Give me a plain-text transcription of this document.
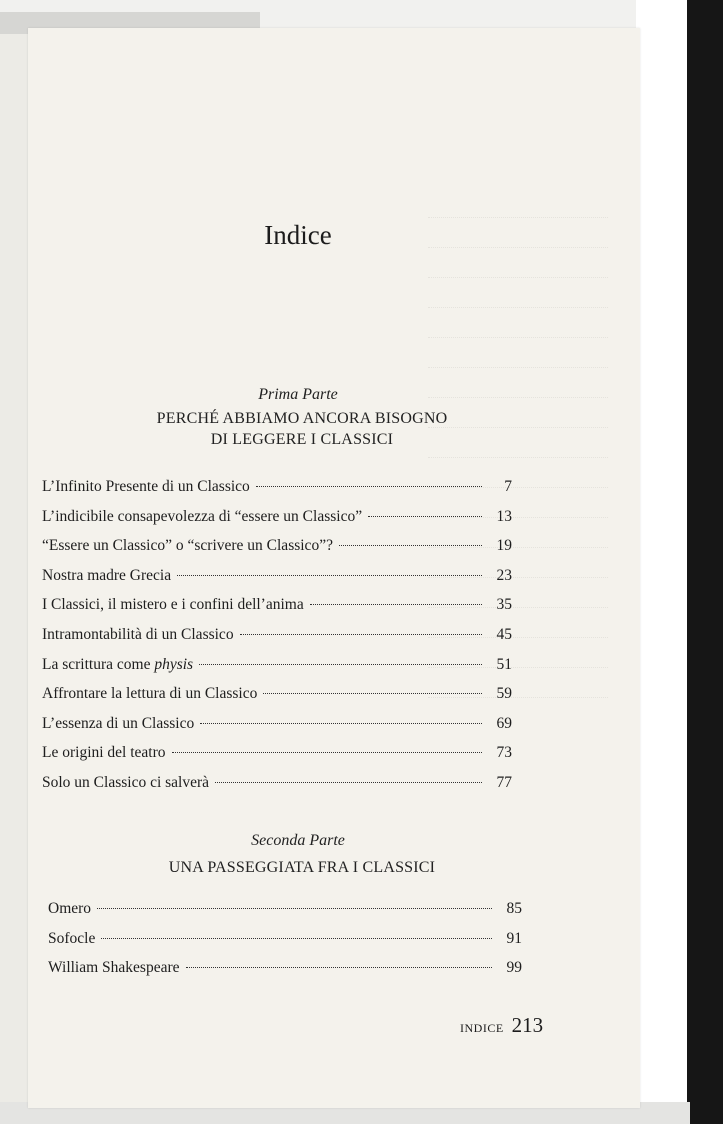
Indice
Prima Parte
PERCHÉ ABBIAMO ANCORA BISOGNO
DI LEGGERE I CLASSICI
L’Infinito Presente di un Classico	7
L’indicibile consapevolezza di “essere un Classico”	13
“Essere un Classico” o “scrivere un Classico”?	19
Nostra madre Grecia	23
I Classici, il mistero e i confini dell’anima	35
Intramontabilità di un Classico	45
La scrittura come physis	51
Affrontare la lettura di un Classico	59
L’essenza di un Classico	69
Le origini del teatro	73
Solo un Classico ci salverà	77
Seconda Parte
UNA PASSEGGIATA FRA I CLASSICI
Omero	85
Sofocle	91
William Shakespeare	99
INDICE 213
